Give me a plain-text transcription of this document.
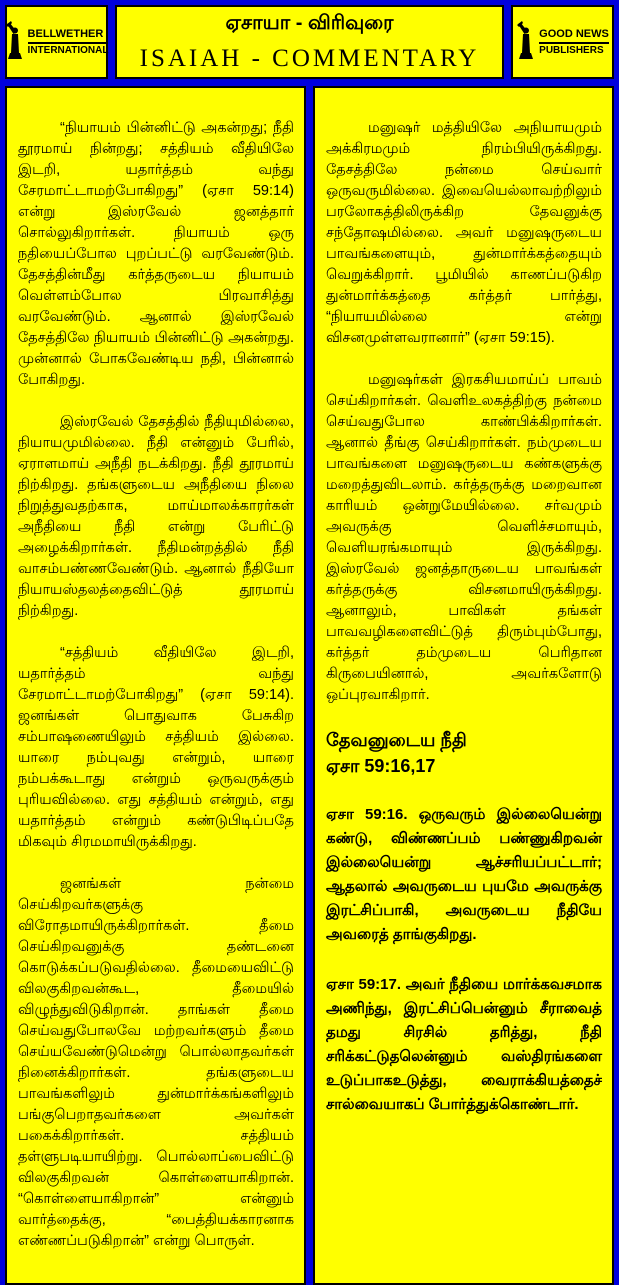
BELLWETHER
INTERNATIONAL
ஏசாயா - விரிவுரை
ISAIAH - COMMENTARY
GOOD NEWS
PUBLISHERS

“நியாயம் பின்னிட்டு அகன்றது; நீதி தூரமாய் நின்றது; சத்தியம் வீதியிலே இடறி, யதார்த்தம் வந்து சேரமாட்டாமற்போகிறது” (ஏசா 59:14) என்று இஸ்ரவேல் ஜனத்தார் சொல்லுகிறார்கள். நியாயம் ஒரு நதியைப்போல புறப்பட்டு வரவேண்டும். தேசத்தின்மீது கர்த்தருடைய நியாயம் வெள்ளம்போல பிரவாசித்து வரவேண்டும். ஆனால் இஸ்ரவேல் தேசத்திலே நியாயம் பின்னிட்டு அகன்றது. முன்னால் போகவேண்டிய நதி, பின்னால் போகிறது.

இஸ்ரவேல் தேசத்தில் நீதியுமில்லை, நியாயமுமில்லை. நீதி என்னும் பேரில், ஏராளமாய் அநீதி நடக்கிறது. நீதி தூரமாய் நிற்கிறது. தங்களுடைய அநீதியை நிலை நிறுத்துவதற்காக, மாய்மாலக்காரர்கள் அநீதியை நீதி என்று பேரிட்டு அழைக்கிறார்கள். நீதிமன்றத்தில் நீதி வாசம்பண்ணவேண்டும். ஆனால் நீதியோ நியாயஸ்தலத்தைவிட்டுத் தூரமாய் நிற்கிறது.

“சத்தியம் வீதியிலே இடறி, யதார்த்தம் வந்து சேரமாட்டாமற்போகிறது” (ஏசா 59:14). ஜனங்கள் பொதுவாக பேசுகிற சம்பாஷணையிலும் சத்தியம் இல்லை. யாரை நம்புவது என்றும், யாரை நம்பக்கூடாது என்றும் ஒருவருக்கும் புரியவில்லை. எது சத்தியம் என்றும், எது யதார்த்தம் என்றும் கண்டுபிடிப்பதே மிகவும் சிரமமாயிருக்கிறது.

ஜனங்கள் நன்மை செய்கிறவர்களுக்கு விரோதமாயிருக்கிறார்கள். தீமை செய்கிறவனுக்கு தண்டனை கொடுக்கப்படுவதில்லை. தீமையைவிட்டு விலகுகிறவன்கூட, தீமையில் விழுந்துவிடுகிறான். தாங்கள் தீமை செய்வதுபோலவே மற்றவர்களும் தீமை செய்யவேண்டுமென்று பொல்லாதவர்கள் நினைக்கிறார்கள். தங்களுடைய பாவங்களிலும் துன்மார்க்கங்களிலும் பங்குபெறாதவர்களை அவர்கள் பகைக்கிறார்கள். சத்தியம் தள்ளுபடியாயிற்று. பொல்லாப்பைவிட்டு விலகுகிறவன் கொள்ளையாகிறான். “கொள்ளையாகிறான்” என்னும் வார்த்தைக்கு, “பைத்தியக்காரனாக எண்ணப்படுகிறான்” என்று பொருள்.

மனுஷர் மத்தியிலே அநியாயமும் அக்கிரமமும் நிரம்பியிருக்கிறது. தேசத்திலே நன்மை செய்வார் ஒருவருமில்லை. இவையெல்லாவற்றிலும் பரலோகத்திலிருக்கிற தேவனுக்கு சந்தோஷமில்லை. அவர் மனுஷருடைய பாவங்களையும், துன்மார்க்கத்தையும் வெறுக்கிறார். பூமியில் காணப்படுகிற துன்மார்க்கத்தை கர்த்தர் பார்த்து, “நியாயமில்லை என்று விசனமுள்ளவரானார்” (ஏசா 59:15).

மனுஷர்கள் இரகசியமாய்ப் பாவம் செய்கிறார்கள். வெளிஉலகத்திற்கு நன்மை செய்வதுபோல காண்பிக்கிறார்கள். ஆனால் தீங்கு செய்கிறார்கள். நம்முடைய பாவங்களை மனுஷருடைய கண்களுக்கு மறைத்துவிடலாம். கர்த்தருக்கு மறைவான காரியம் ஒன்றுமேயில்லை. சர்வமும் அவருக்கு வெளிச்சமாயும், வெளியரங்கமாயும் இருக்கிறது. இஸ்ரவேல் ஜனத்தாருடைய பாவங்கள் கர்த்தருக்கு விசனமாயிருக்கிறது. ஆனாலும், பாவிகள் தங்கள் பாவவழிகளைவிட்டுத் திரும்பும்போது, கர்த்தர் தம்முடைய பெரிதான கிருபையினால், அவர்களோடு ஒப்புரவாகிறார்.

தேவனுடைய நீதி
ஏசா 59:16,17

ஏசா 59:16. ஒருவரும் இல்லையென்று கண்டு, விண்ணப்பம் பண்ணுகிறவன் இல்லையென்று ஆச்சரியப்பட்டார்; ஆதலால் அவருடைய புயமே அவருக்கு இரட்சிப்பாகி, அவருடைய நீதியே அவரைத் தாங்குகிறது.

ஏசா 59:17. அவர் நீதியை மார்க்கவசமாக அணிந்து, இரட்சிப்பென்னும் சீராவைத் தமது சிரசில் தரித்து, நீதி சரிக்கட்டுதலென்னும் வஸ்திரங்களை உடுப்பாகஉடுத்து, வைராக்கியத்தைச் சால்வையாகப் போர்த்துக்கொண்டார்.
